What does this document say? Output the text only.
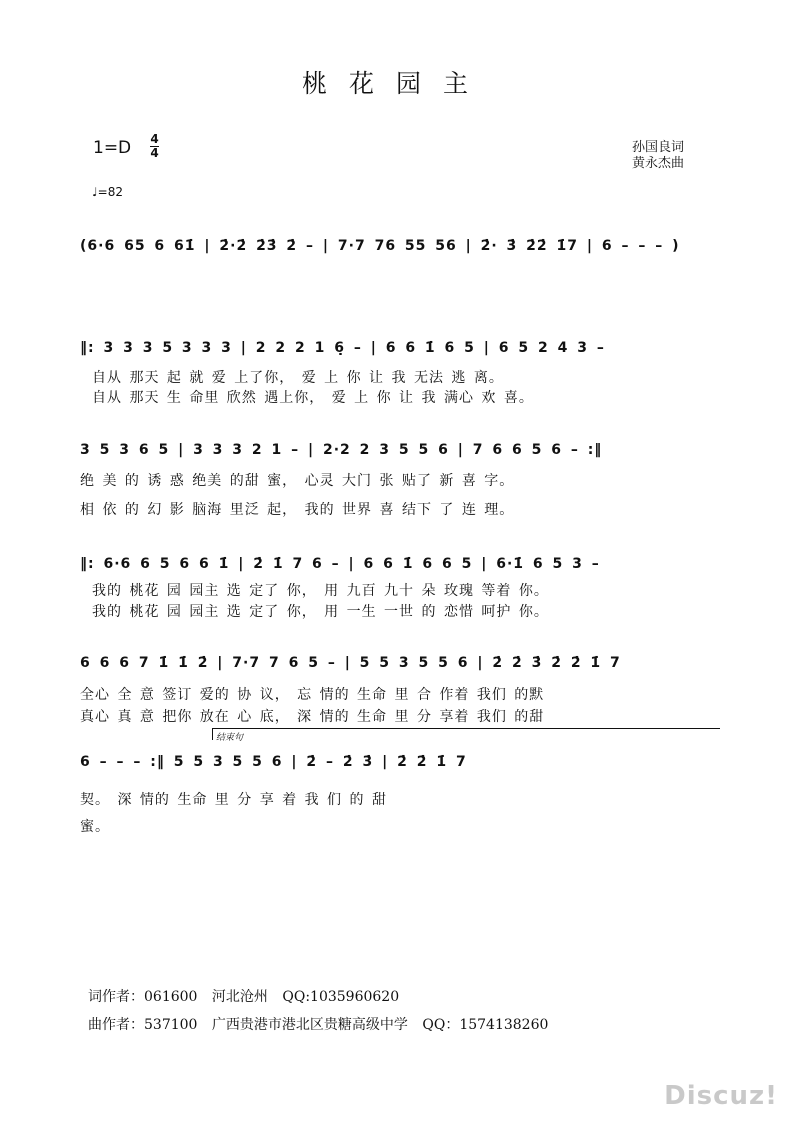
桃花园主
1=D 4
4	孙国良词
黄永杰曲
♩=82
(6·6 65 6 61̇ | 2̇·2̇ 2̇3̇ 2̇ – | 7·7 76 55 56 | 2̇· 3̇ 2̇2̇ 1̇7 | 6 – – – )
‖: 3 3 3 5 3 3 3 | 2 2 2 1 6̣ – | 6 6 1̇ 6 5 | 6 5 2 4 3 –
自从 那天 起 就 爱 上了你， 爱 上 你 让 我 无法 逃 离。
自从 那天 生 命里 欣然 遇上你， 爱 上 你 让 我 满心 欢 喜。
3 5 3 6 5 | 3 3 3 2 1 – | 2·2 2 3 5 5 6 | 7 6 6 5 6 – :‖
绝 美 的 诱 惑 绝美 的甜 蜜， 心灵 大门 张 贴了 新 喜 字。
相 依 的 幻 影 脑海 里泛 起， 我的 世界 喜 结下 了 连 理。
‖: 6·6 6 5 6 6 1̇ | 2̇ 1̇ 7 6 – | 6 6 1̇ 6 6 5 | 6·1̇ 6 5 3 –
我的 桃花 园 园主 选 定了 你， 用 九百 九十 朵 玫瑰 等着 你。
我的 桃花 园 园主 选 定了 你， 用 一生 一世 的 恋惜 呵护 你。
6 6 6 7 1̇ 1̇ 2̇ | 7·7 7 6 5 – | 5 5 3 5 5 6 | 2̇ 2̇ 3̇ 2̇ 2̇ 1̇ 7
全心 全 意 签订 爱的 协 议， 忘 情的 生命 里 合 作着 我们 的默
真心 真 意 把你 放在 心 底， 深 情的 生命 里 分 享着 我们 的甜
结束句
6 – – – :‖ 5 5 3 5 5 6 | 2̇ – 2̇ 3̇ | 2̇ 2̇ 1̇ 7
契。 深 情的 生命 里 分 享 着 我 们 的 甜
蜜。
词作者：061600 河北沧州 QQ:1035960620
曲作者：537100 广西贵港市港北区贵糖高级中学 QQ：1574138260
Discuz!
